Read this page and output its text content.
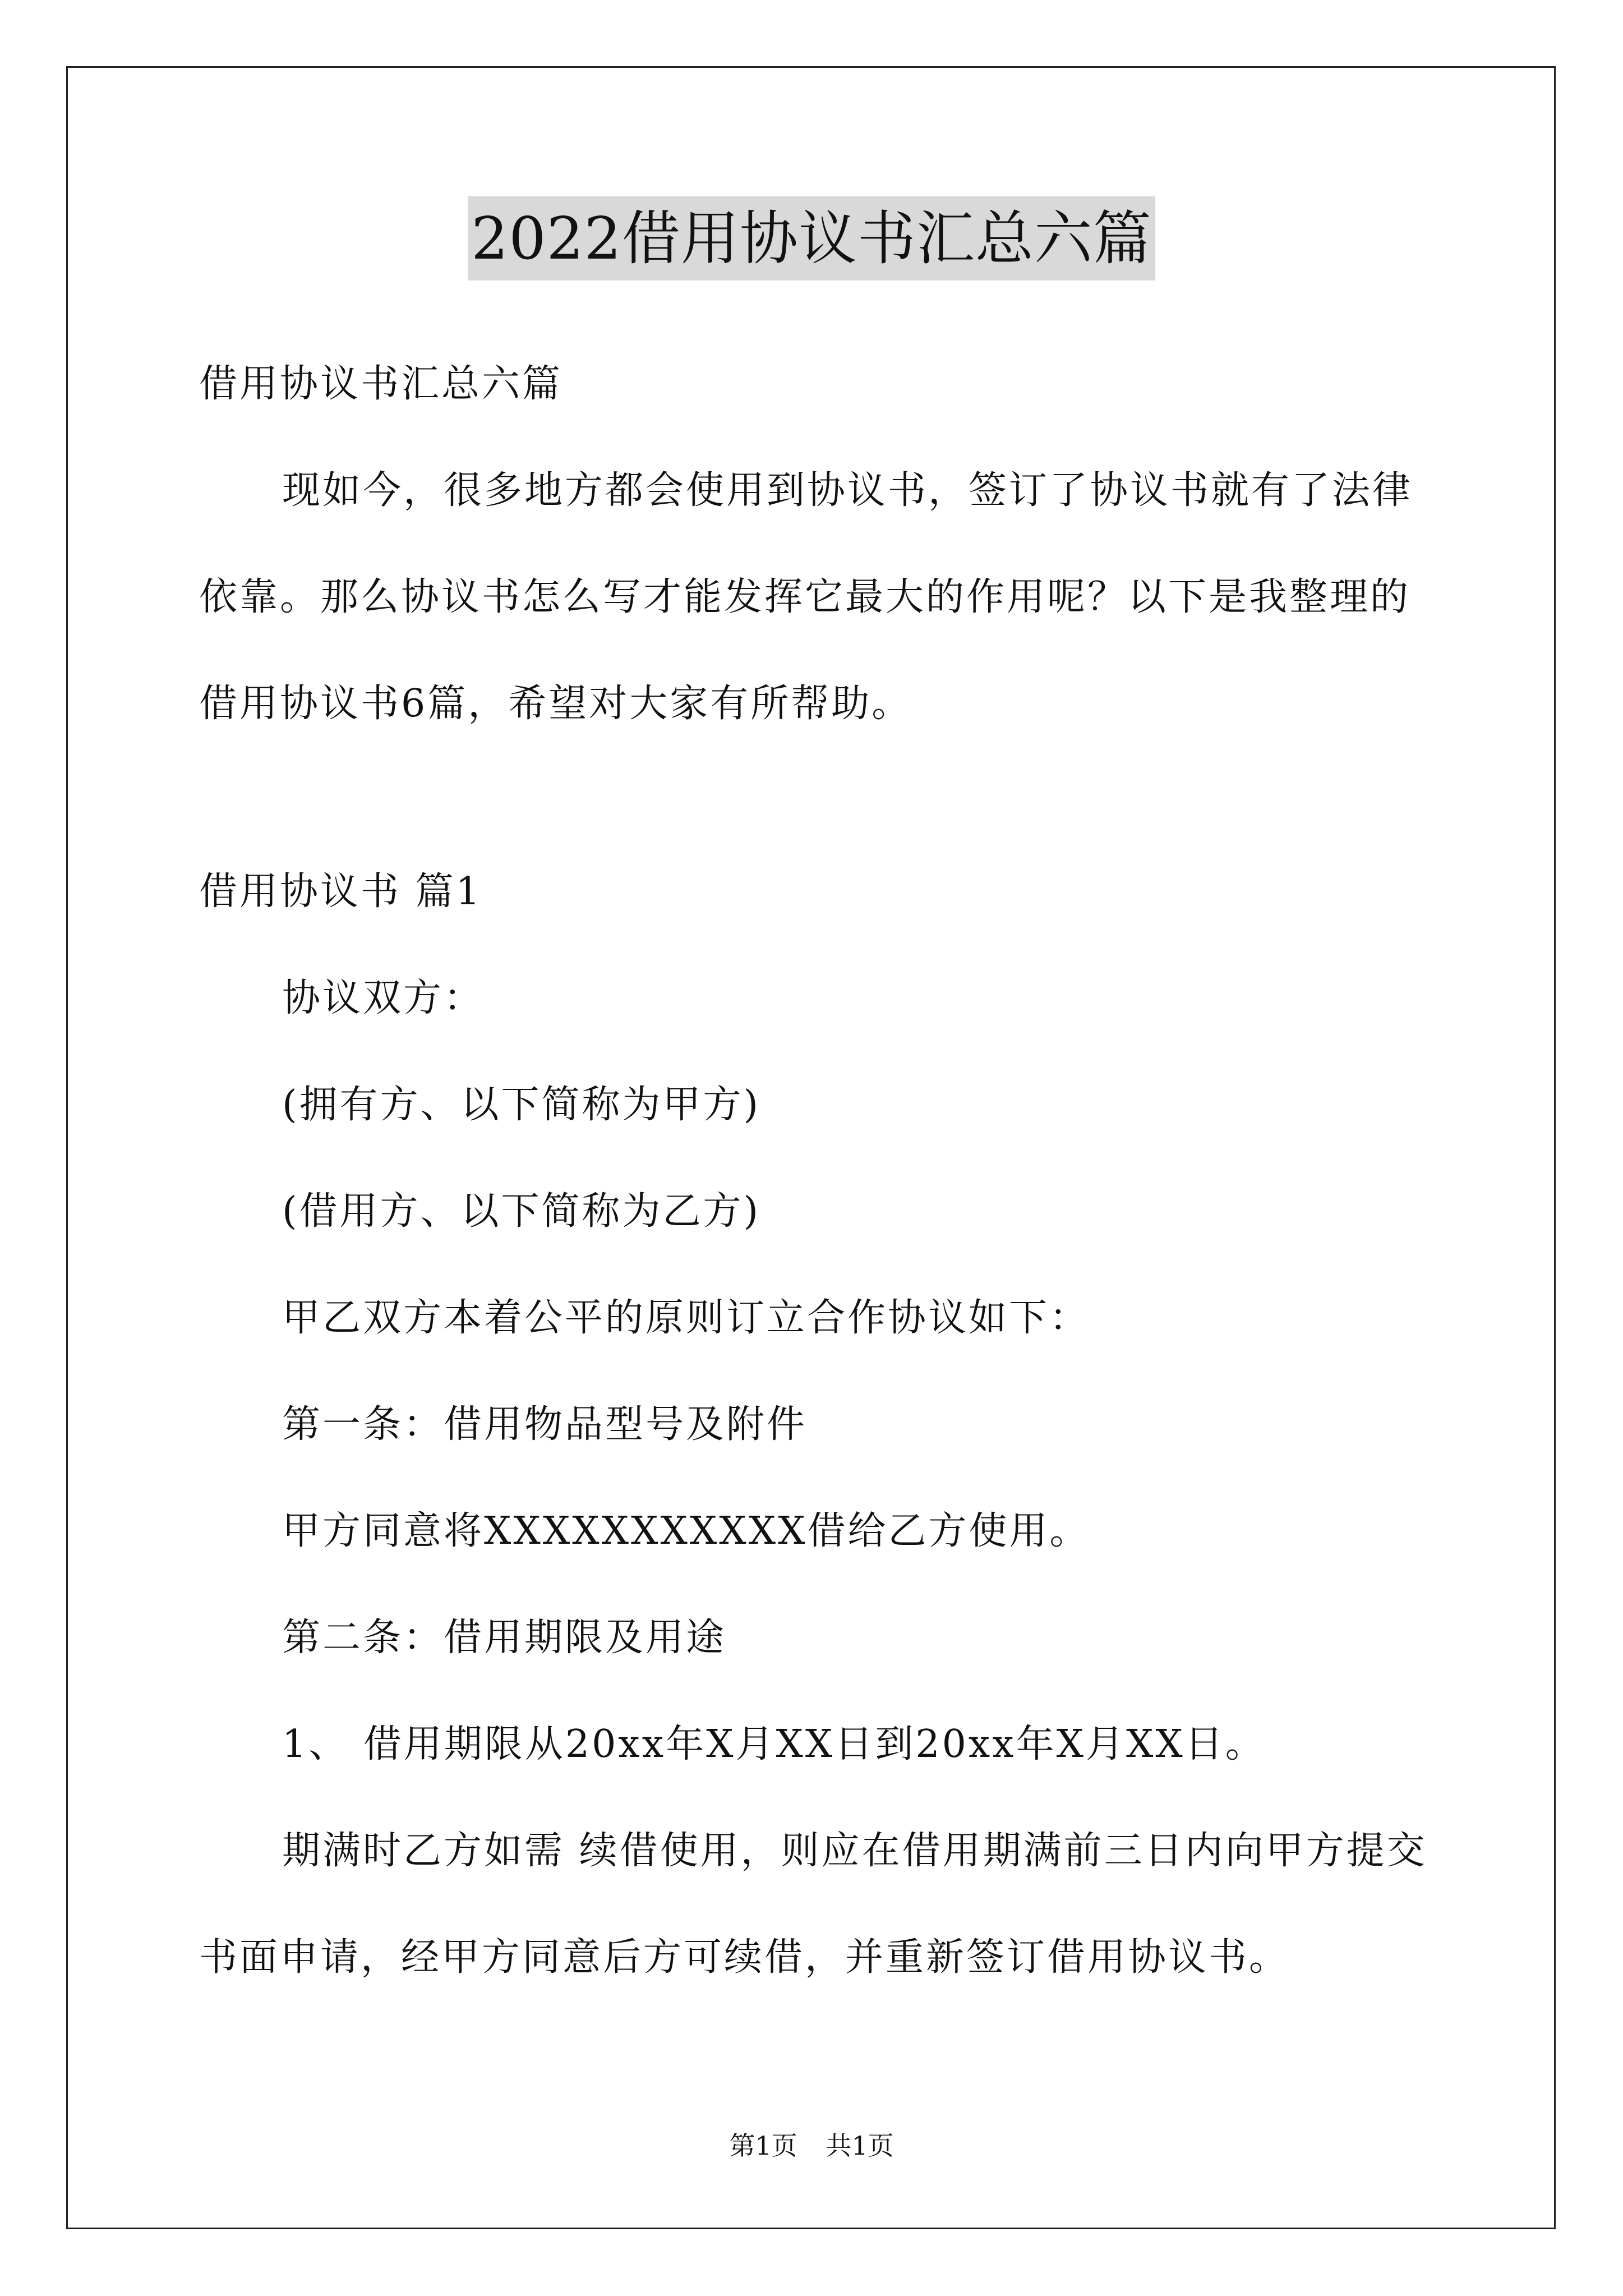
2022借用协议书汇总六篇
借用协议书汇总六篇
现如今，很多地方都会使用到协议书，签订了协议书就有了法律
依靠。那么协议书怎么写才能发挥它最大的作用呢？以下是我整理的
借用协议书6篇，希望对大家有所帮助。
借用协议书 篇1
协议双方：
(拥有方、以下简称为甲方)
(借用方、以下简称为乙方)
甲乙双方本着公平的原则订立合作协议如下：
第一条：借用物品型号及附件
甲方同意将XXXXXXXXXXX借给乙方使用。
第二条：借用期限及用途
1、 借用期限从20xx年X月XX日到20xx年X月XX日。
期满时乙方如需 续借使用，则应在借用期满前三日内向甲方提交
书面申请，经甲方同意后方可续借，并重新签订借用协议书。
第1页 共1页
